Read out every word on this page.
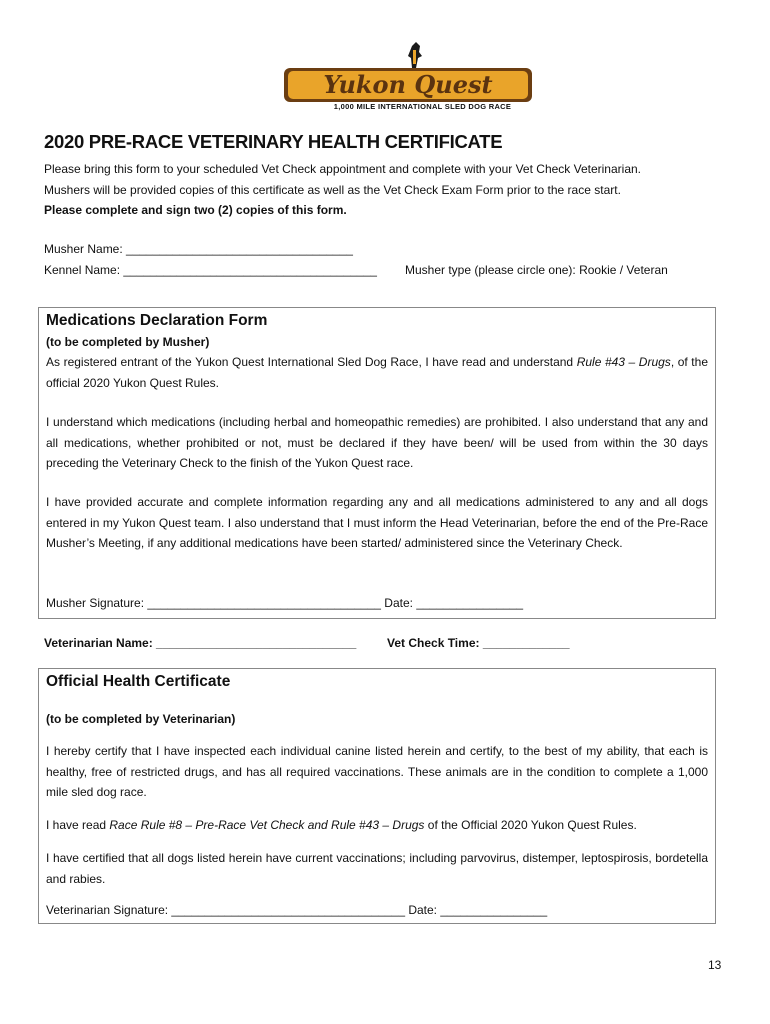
Yukon Quest
1,000 MILE INTERNATIONAL SLED DOG RACE
2020 PRE-RACE VETERINARY HEALTH CERTIFICATE
Please bring this form to your scheduled Vet Check appointment and complete with your Vet Check Veterinarian.
Mushers will be provided copies of this certificate as well as the Vet Check Exam Form prior to the race start.
Please complete and sign two (2) copies of this form.
Musher Name: __________________________________
Kennel Name: ______________________________________ Musher type (please circle one): Rookie / Veteran
Medications Declaration Form
(to be completed by Musher)
As registered entrant of the Yukon Quest International Sled Dog Race, I have read and understand Rule #43 – Drugs, of the official 2020 Yukon Quest Rules.
I understand which medications (including herbal and homeopathic remedies) are prohibited. I also understand that any and all medications, whether prohibited or not, must be declared if they have been/ will be used from within the 30 days preceding the Veterinary Check to the finish of the Yukon Quest race.
I have provided accurate and complete information regarding any and all medications administered to any and all dogs entered in my Yukon Quest team. I also understand that I must inform the Head Veterinarian, before the end of the Pre-Race Musher’s Meeting, if any additional medications have been started/ administered since the Veterinary Check.
Musher Signature: ___________________________________ Date: ________________
Veterinarian Name: ______________________________	Vet Check Time: _____________
Official Health Certificate
(to be completed by Veterinarian)
I hereby certify that I have inspected each individual canine listed herein and certify, to the best of my ability, that each is healthy, free of restricted drugs, and has all required vaccinations. These animals are in the condition to complete a 1,000 mile sled dog race.
I have read Race Rule #8 – Pre-Race Vet Check and Rule #43 – Drugs of the Official 2020 Yukon Quest Rules.
I have certified that all dogs listed herein have current vaccinations; including parvovirus, distemper, leptospirosis, bordetella and rabies.
Veterinarian Signature: ___________________________________ Date: ________________
13
